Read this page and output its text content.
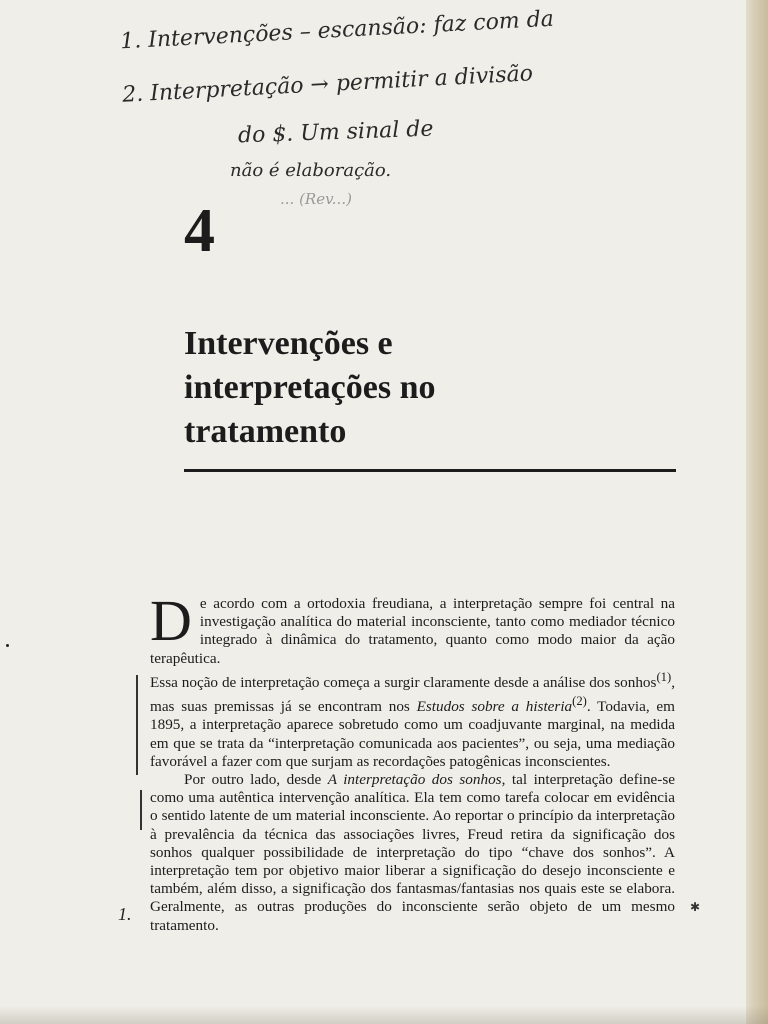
1. Intervenções – escansão: faz com da
2. Interpretação → permitir a divisão
do $. Um sinal de
não é elaboração.
... (Rev...)
4
Intervenções e
interpretações no
tratamento
1.	✱

De acordo com a ortodoxia freudiana, a interpretação sempre foi central na investigação analítica do material inconsciente, tanto como mediador técnico integrado à dinâmica do tratamento, quanto como modo maior da ação terapêutica.

Essa noção de interpretação começa a surgir claramente desde a análise dos sonhos$^{(1)}$, mas suas premissas já se encontram nos Estudos sobre a histeria$^{(2)}$. Todavia, em 1895, a interpretação aparece sobretudo como um coadjuvante marginal, na medida em que se trata da “interpretação comunicada aos pacientes”, ou seja, uma mediação favorável a fazer com que surjam as recordações patogênicas inconscientes.

Por outro lado, desde A interpretação dos sonhos, tal interpretação define-se como uma autêntica intervenção analítica. Ela tem como tarefa colocar em evidência o sentido latente de um material inconsciente. Ao reportar o princípio da interpretação à prevalência da técnica das associações livres, Freud retira da significação dos sonhos qualquer possibilidade de interpretação do tipo “chave dos sonhos”. A interpretação tem por objetivo maior liberar a significação do desejo inconsciente e também, além disso, a significação dos fantasmas/fantasias nos quais este se elabora. Geralmente, as outras produções do inconsciente serão objeto de um mesmo tratamento.
